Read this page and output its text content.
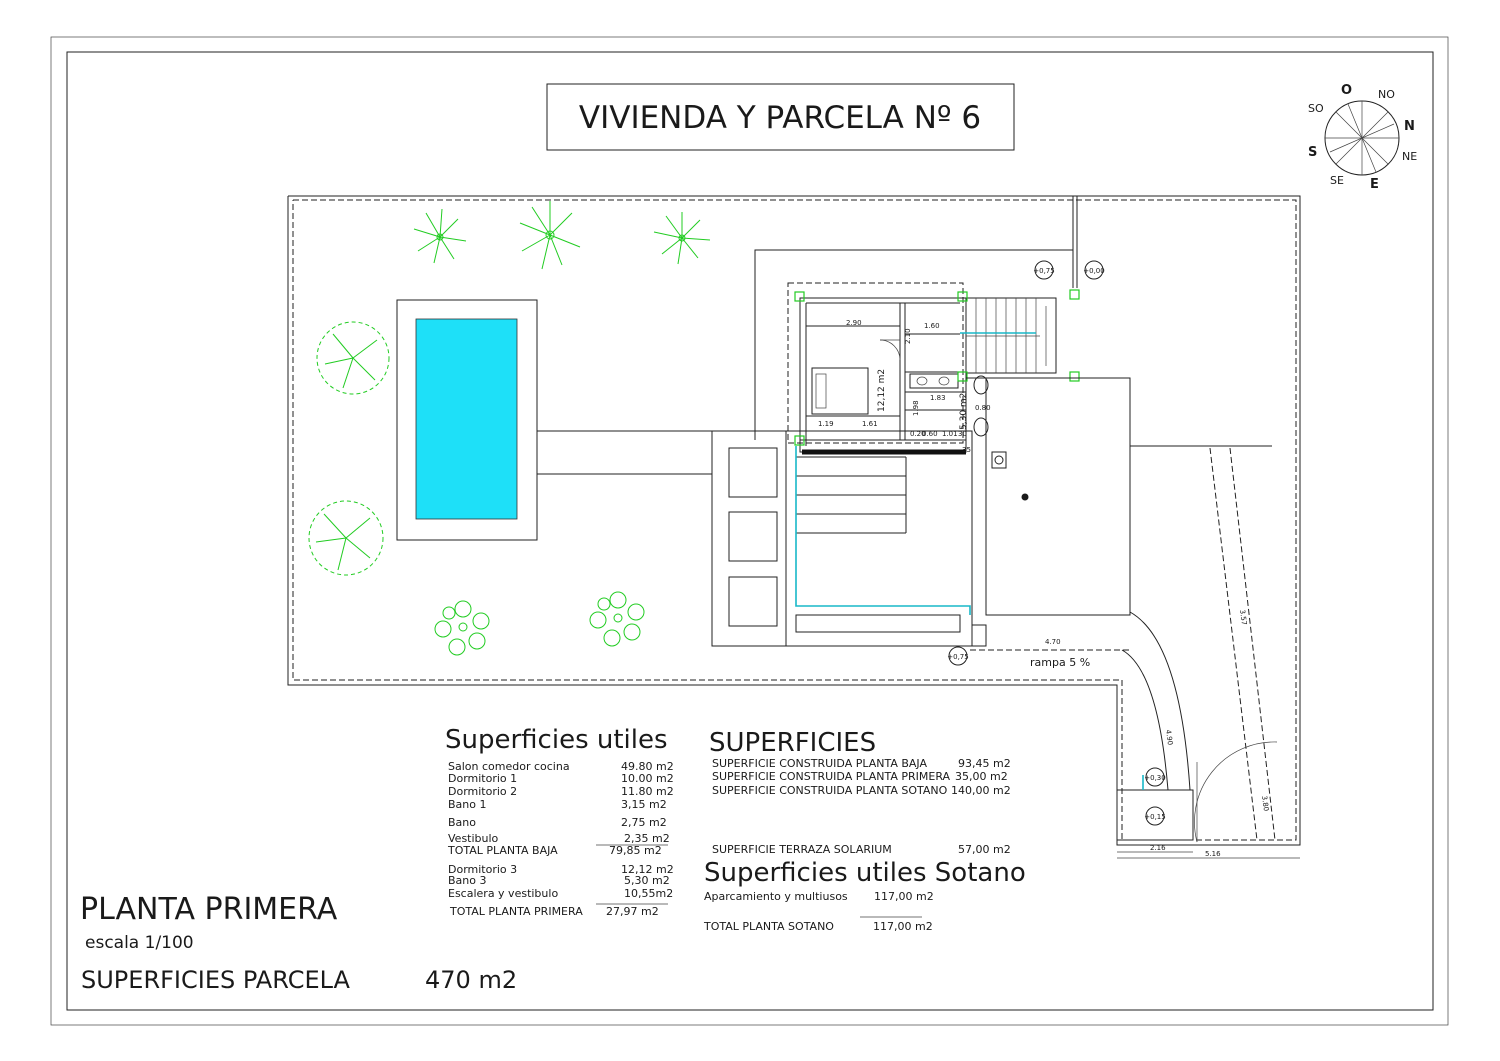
VIVIENDA Y PARCELA Nº 6
O NO
N
NE
E
SE
S
SO
+0,75	+0,00
+0,75
+0,30
+0,15
2.90	1.60
2.10
12,12 m2	1.83
1.98	0.80
5,30 m2
1.19	1.61
0.20
0.60 1.01
35
30
4.70
2.16
5.16
3.57
4.90
3.80
rampa 5 %
Superficies utiles
Salon comedor cocina	49.80 m2
Dormitorio 1	10.00 m2
Dormitorio 2	11.80 m2
Bano 1	3,15 m2
Bano	2,75 m2
Vestibulo	2,35 m2
TOTAL PLANTA BAJA	79,85 m2
Dormitorio 3	12,12 m2
Bano 3	5,30 m2
Escalera y vestibulo	10,55m2
TOTAL PLANTA PRIMERA 27,97 m2
SUPERFICIES
SUPERFICIE CONSTRUIDA PLANTA BAJA	93,45 m2
SUPERFICIE CONSTRUIDA PLANTA PRIMERA 35,00 m2
SUPERFICIE CONSTRUIDA PLANTA SOTANO 140,00 m2
SUPERFICIE TERRAZA SOLARIUM	57,00 m2
Superficies utiles Sotano
Aparcamiento y multiusos 117,00 m2
TOTAL PLANTA SOTANO	117,00 m2
PLANTA PRIMERA
escala 1/100
SUPERFICIES PARCELA	470 m2
